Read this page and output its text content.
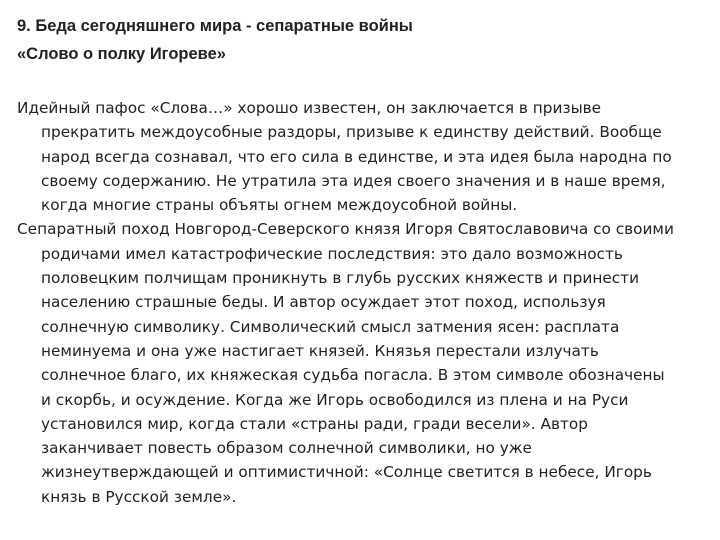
9. Беда сегодняшнего мира - сепаратные войны
«Слово о полку Игореве»

Идейный пафос «Слова…» хорошо известен, он заключается в призыве
прекратить междоусобные раздоры, призыве к единству действий. Вообще
народ всегда сознавал, что его сила в единстве, и эта идея была народна по
своему содержанию. Не утратила эта идея своего значения и в наше время,
когда многие страны объяты огнем междоусобной войны.

Сепаратный поход Новгород-Северского князя Игоря Святославовича со своими
родичами имел катастрофические последствия: это дало возможность
половецким полчищам проникнуть в глубь русских княжеств и принести
населению страшные беды. И автор осуждает этот поход, используя
солнечную символику. Символический смысл затмения ясен: расплата
неминуема и она уже настигает князей. Князья перестали излучать
солнечное благо, их княжеская судьба погасла. В этом символе обозначены
и скорбь, и осуждение. Когда же Игорь освободился из плена и на Руси
установился мир, когда стали «страны ради, гради весели». Автор
заканчивает повесть образом солнечной символики, но уже
жизнеутверждающей и оптимистичной: «Солнце светится в небесе, Игорь
князь в Русской земле».
